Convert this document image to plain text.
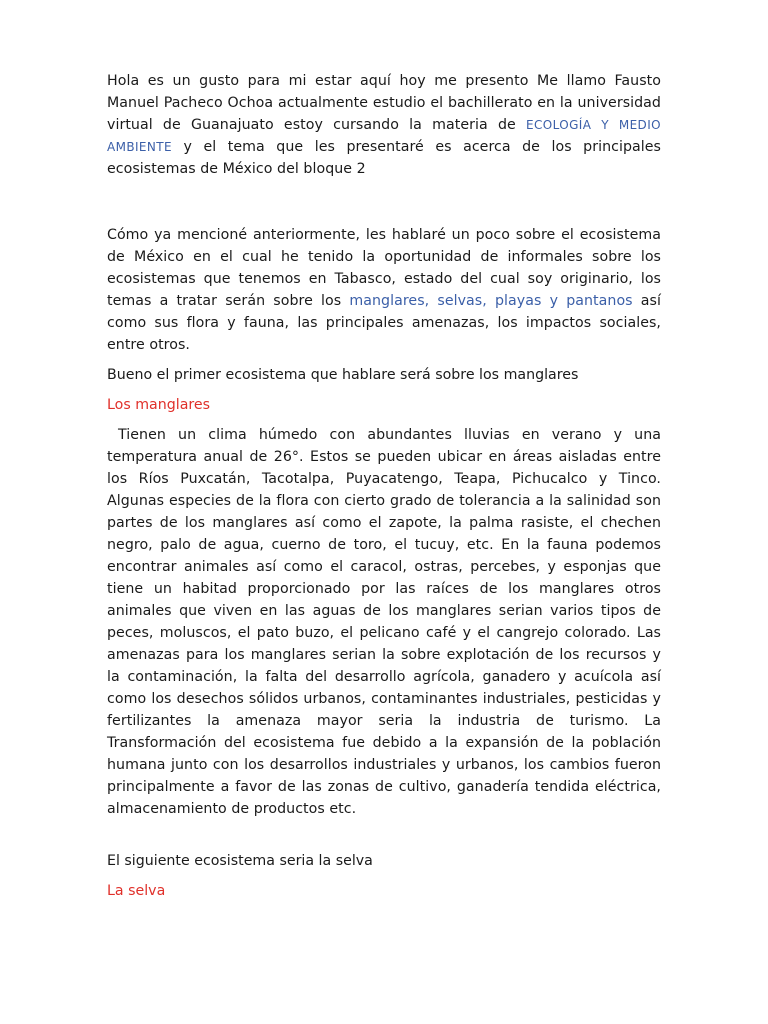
Hola es un gusto para mi estar aquí hoy me presento Me llamo Fausto Manuel Pacheco Ochoa actualmente estudio el bachillerato en la universidad virtual de Guanajuato estoy cursando la materia de ECOLOGÍA Y MEDIO AMBIENTE y el tema que les presentaré es acerca de los principales ecosistemas de México del bloque 2

Cómo ya mencioné anteriormente, les hablaré un poco sobre el ecosistema de México en el cual he tenido la oportunidad de informales sobre los ecosistemas que tenemos en Tabasco, estado del cual soy originario, los temas a tratar serán sobre los manglares, selvas, playas y pantanos así como sus flora y fauna, las principales amenazas, los impactos sociales, entre otros.

Bueno el primer ecosistema que hablare será sobre los manglares

Los manglares

Tienen un clima húmedo con abundantes lluvias en verano y una temperatura anual de 26°. Estos se pueden ubicar en áreas aisladas entre los Ríos Puxcatán, Tacotalpa, Puyacatengo, Teapa, Pichucalco y Tinco. Algunas especies de la flora con cierto grado de tolerancia a la salinidad son partes de los manglares así como el zapote, la palma rasiste, el chechen negro, palo de agua, cuerno de toro, el tucuy, etc. En la fauna podemos encontrar animales así como el caracol, ostras, percebes, y esponjas que tiene un habitad proporcionado por las raíces de los manglares otros animales que viven en las aguas de los manglares serian varios tipos de peces, moluscos, el pato buzo, el pelicano café y el cangrejo colorado. Las amenazas para los manglares serian la sobre explotación de los recursos y la contaminación, la falta del desarrollo agrícola, ganadero y acuícola así como los desechos sólidos urbanos, contaminantes industriales, pesticidas y fertilizantes la amenaza mayor seria la industria de turismo. La Transformación del ecosistema fue debido a la expansión de la población humana junto con los desarrollos industriales y urbanos, los cambios fueron principalmente a favor de las zonas de cultivo, ganadería tendida eléctrica, almacenamiento de productos etc.

El siguiente ecosistema seria la selva

La selva
